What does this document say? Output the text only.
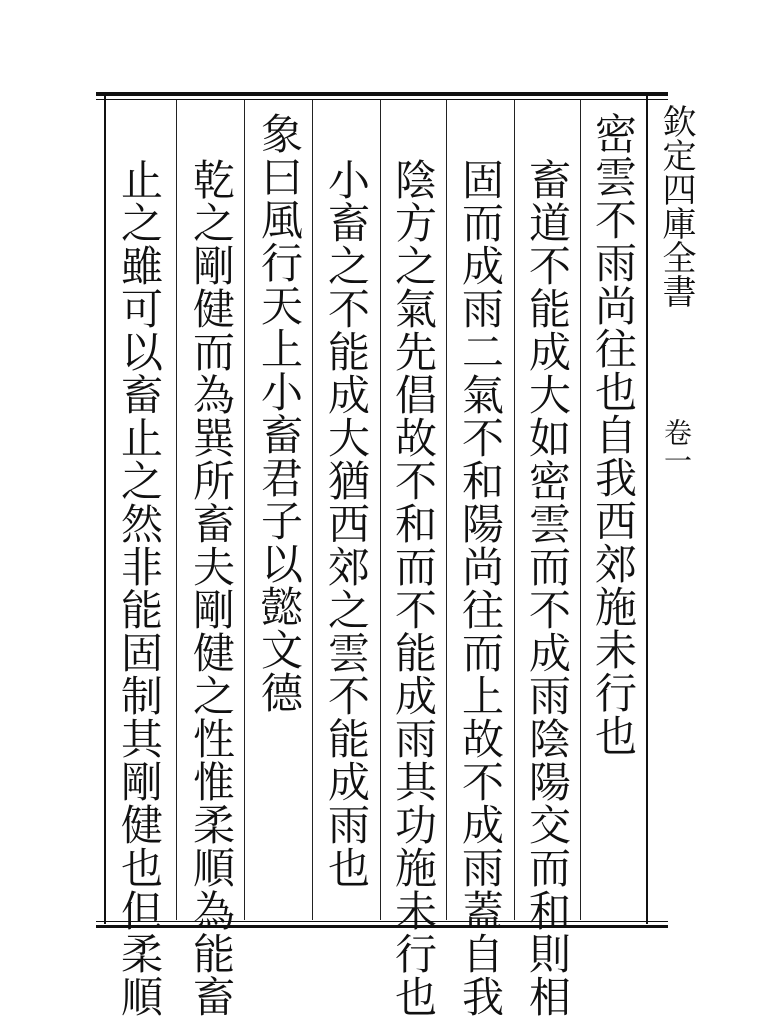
欽定四庫全書
卷一
密雲不雨尚往也自我西郊施未行也
畜道不能成大如密雲而不成雨陰陽交而和則相
固而成雨二氣不和陽尚往而上故不成雨蓋自我
陰方之氣先倡故不和而不能成雨其功施未行也
小畜之不能成大猶西郊之雲不能成雨也
象曰風行天上小畜君子以懿文德
乾之剛健而為巽所畜夫剛健之性惟柔順為能畜
止之雖可以畜止之然非能固制其剛健也但柔順
